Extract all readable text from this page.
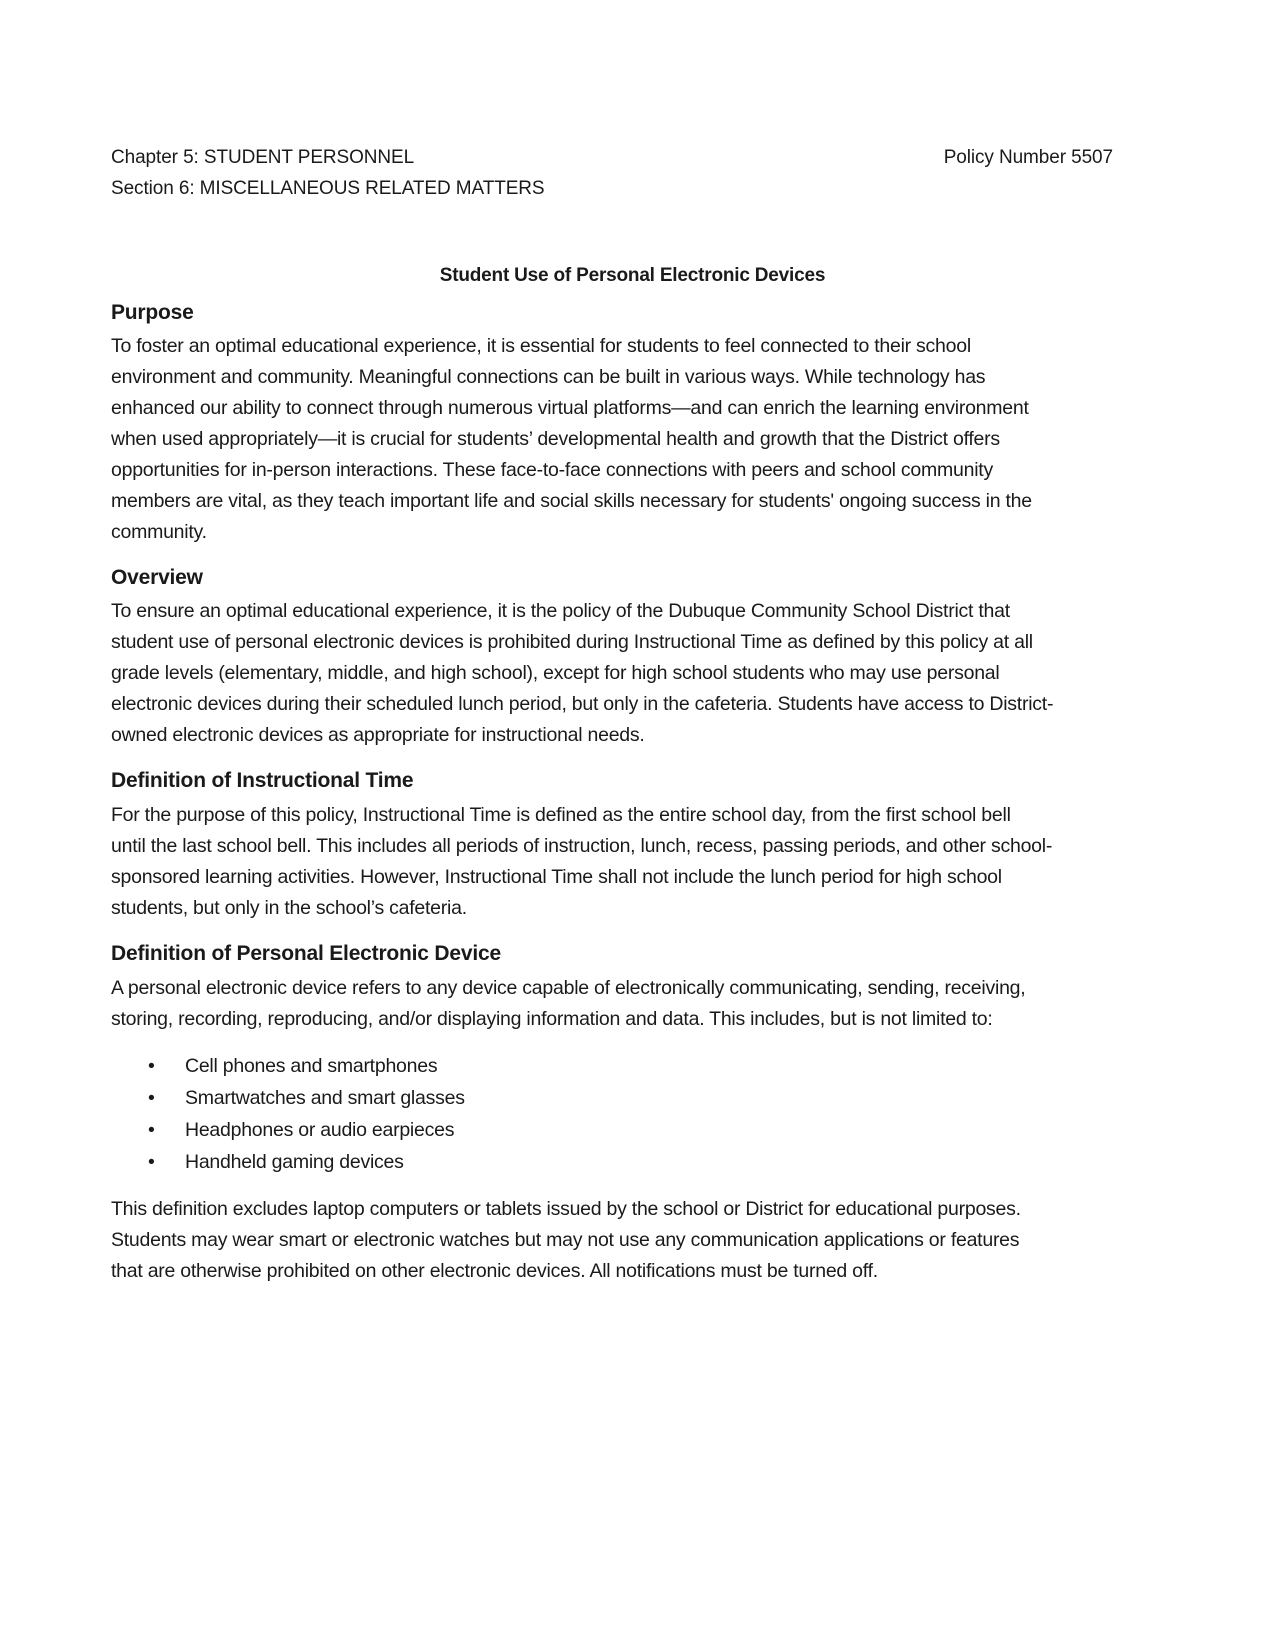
Chapter 5: STUDENT PERSONNEL
Section 6: MISCELLANEOUS RELATED MATTERS
Policy Number 5507
Student Use of Personal Electronic Devices
Purpose
To foster an optimal educational experience, it is essential for students to feel connected to their school
environment and community. Meaningful connections can be built in various ways. While technology has
enhanced our ability to connect through numerous virtual platforms—and can enrich the learning environment
when used appropriately—it is crucial for students’ developmental health and growth that the District offers
opportunities for in-person interactions. These face-to-face connections with peers and school community
members are vital, as they teach important life and social skills necessary for students' ongoing success in the
community.
Overview
To ensure an optimal educational experience, it is the policy of the Dubuque Community School District that
student use of personal electronic devices is prohibited during Instructional Time as defined by this policy at all
grade levels (elementary, middle, and high school), except for high school students who may use personal
electronic devices during their scheduled lunch period, but only in the cafeteria. Students have access to District-
owned electronic devices as appropriate for instructional needs.
Definition of Instructional Time
For the purpose of this policy, Instructional Time is defined as the entire school day, from the first school bell
until the last school bell. This includes all periods of instruction, lunch, recess, passing periods, and other school-
sponsored learning activities. However, Instructional Time shall not include the lunch period for high school
students, but only in the school’s cafeteria.
Definition of Personal Electronic Device
A personal electronic device refers to any device capable of electronically communicating, sending, receiving,
storing, recording, reproducing, and/or displaying information and data. This includes, but is not limited to:
• Cell phones and smartphones
• Smartwatches and smart glasses
• Headphones or audio earpieces
• Handheld gaming devices
This definition excludes laptop computers or tablets issued by the school or District for educational purposes.
Students may wear smart or electronic watches but may not use any communication applications or features
that are otherwise prohibited on other electronic devices. All notifications must be turned off.
